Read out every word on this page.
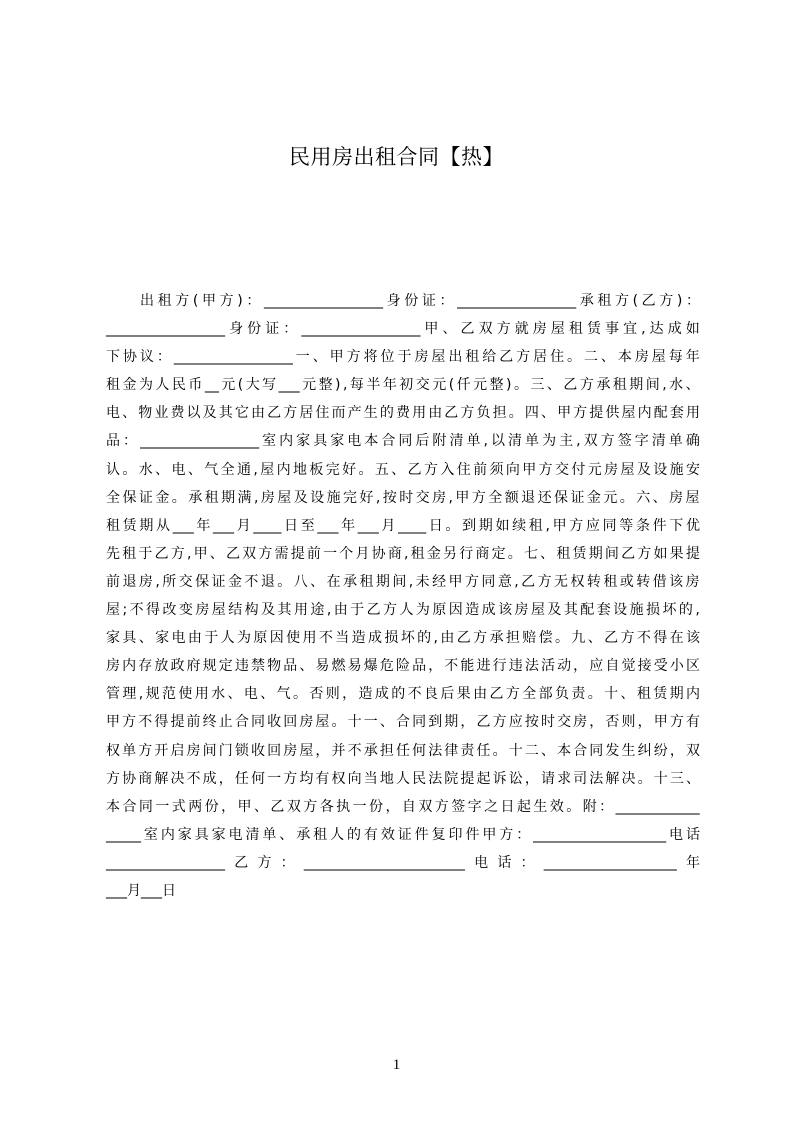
民用房出租合同【热】
出 租 方 ( 甲 方 ) ： _________________ 身 份 证 ： _________________ 承 租 方 ( 乙 方 ) ：
_________________ 身 份 证 ： _________________ 甲 、 乙 双 方 就 房 屋 租 赁 事 宜 , 达 成 如
下 协 议 ： _________________ 一 、 甲 方 将 位 于 房 屋 出 租 给 乙 方 居 住 。 二 、 本 房 屋 每 年
租 金 为 人 民 币 __ 元 ( 大 写 ___ 元 整 ) , 每 半 年 初 交 元 ( 仟 元 整 ) 。 三 、 乙 方 承 租 期 间 , 水 、
电 、 物 业 费 以 及 其 它 由 乙 方 居 住 而 产 生 的 费 用 由 乙 方 负 担 。 四 、 甲 方 提 供 屋 内 配 套 用
品 ： _________________ 室 内 家 具 家 电 本 合 同 后 附 清 单 , 以 清 单 为 主 , 双 方 签 字 清 单 确
认 。 水 、 电 、 气 全 通 , 屋 内 地 板 完 好 。 五 、 乙 方 入 住 前 须 向 甲 方 交 付 元 房 屋 及 设 施 安
全 保 证 金 。 承 租 期 满 , 房 屋 及 设 施 完 好 , 按 时 交 房 , 甲 方 全 额 退 还 保 证 金 元 。 六 、 房 屋
租 赁 期 从 ___ 年 ___ 月 ____ 日 至 ___ 年 ___ 月 ____ 日 。 到 期 如 续 租 , 甲 方 应 同 等 条 件 下 优
先 租 于 乙 方 , 甲 、 乙 双 方 需 提 前 一 个 月 协 商 , 租 金 另 行 商 定 。 七 、 租 赁 期 间 乙 方 如 果 提
前 退 房 , 所 交 保 证 金 不 退 。 八 、 在 承 租 期 间 , 未 经 甲 方 同 意 , 乙 方 无 权 转 租 或 转 借 该 房
屋 ; 不 得 改 变 房 屋 结 构 及 其 用 途 , 由 于 乙 方 人 为 原 因 造 成 该 房 屋 及 其 配 套 设 施 损 坏 的 ,
家 具 、 家 电 由 于 人 为 原 因 使 用 不 当 造 成 损 坏 的 , 由 乙 方 承 担 赔 偿 。 九 、 乙 方 不 得 在 该
房 内 存 放 政 府 规 定 违 禁 物 品 、 易 燃 易 爆 危 险 品 ， 不 能 进 行 违 法 活 动 ， 应 自 觉 接 受 小 区
管 理 , 规 范 使 用 水 、 电 、 气 。 否 则 ， 造 成 的 不 良 后 果 由 乙 方 全 部 负 责 。 十 、 租 赁 期 内
甲 方 不 得 提 前 终 止 合 同 收 回 房 屋 。 十 一 、 合 同 到 期 ， 乙 方 应 按 时 交 房 ， 否 则 ， 甲 方 有
权 单 方 开 启 房 间 门 锁 收 回 房 屋 ， 并 不 承 担 任 何 法 律 责 任 。 十 二 、 本 合 同 发 生 纠 纷 ， 双
方 协 商 解 决 不 成 ， 任 何 一 方 均 有 权 向 当 地 人 民 法 院 提 起 诉 讼 ， 请 求 司 法 解 决 。 十 三 、
本 合 同 一 式 两 份 ， 甲 、 乙 双 方 各 执 一 份 ， 自 双 方 签 字 之 日 起 生 效 。 附 ： ____________
_____ 室 内 家 具 家 电 清 单 、 承 租 人 的 有 效 证 件 复 印 件 甲 方 ： ___________________ 电 话
_________________ 乙 方 ： _______________________ 电 话 ： ___________________ 年
___ 月 ___ 日
1
